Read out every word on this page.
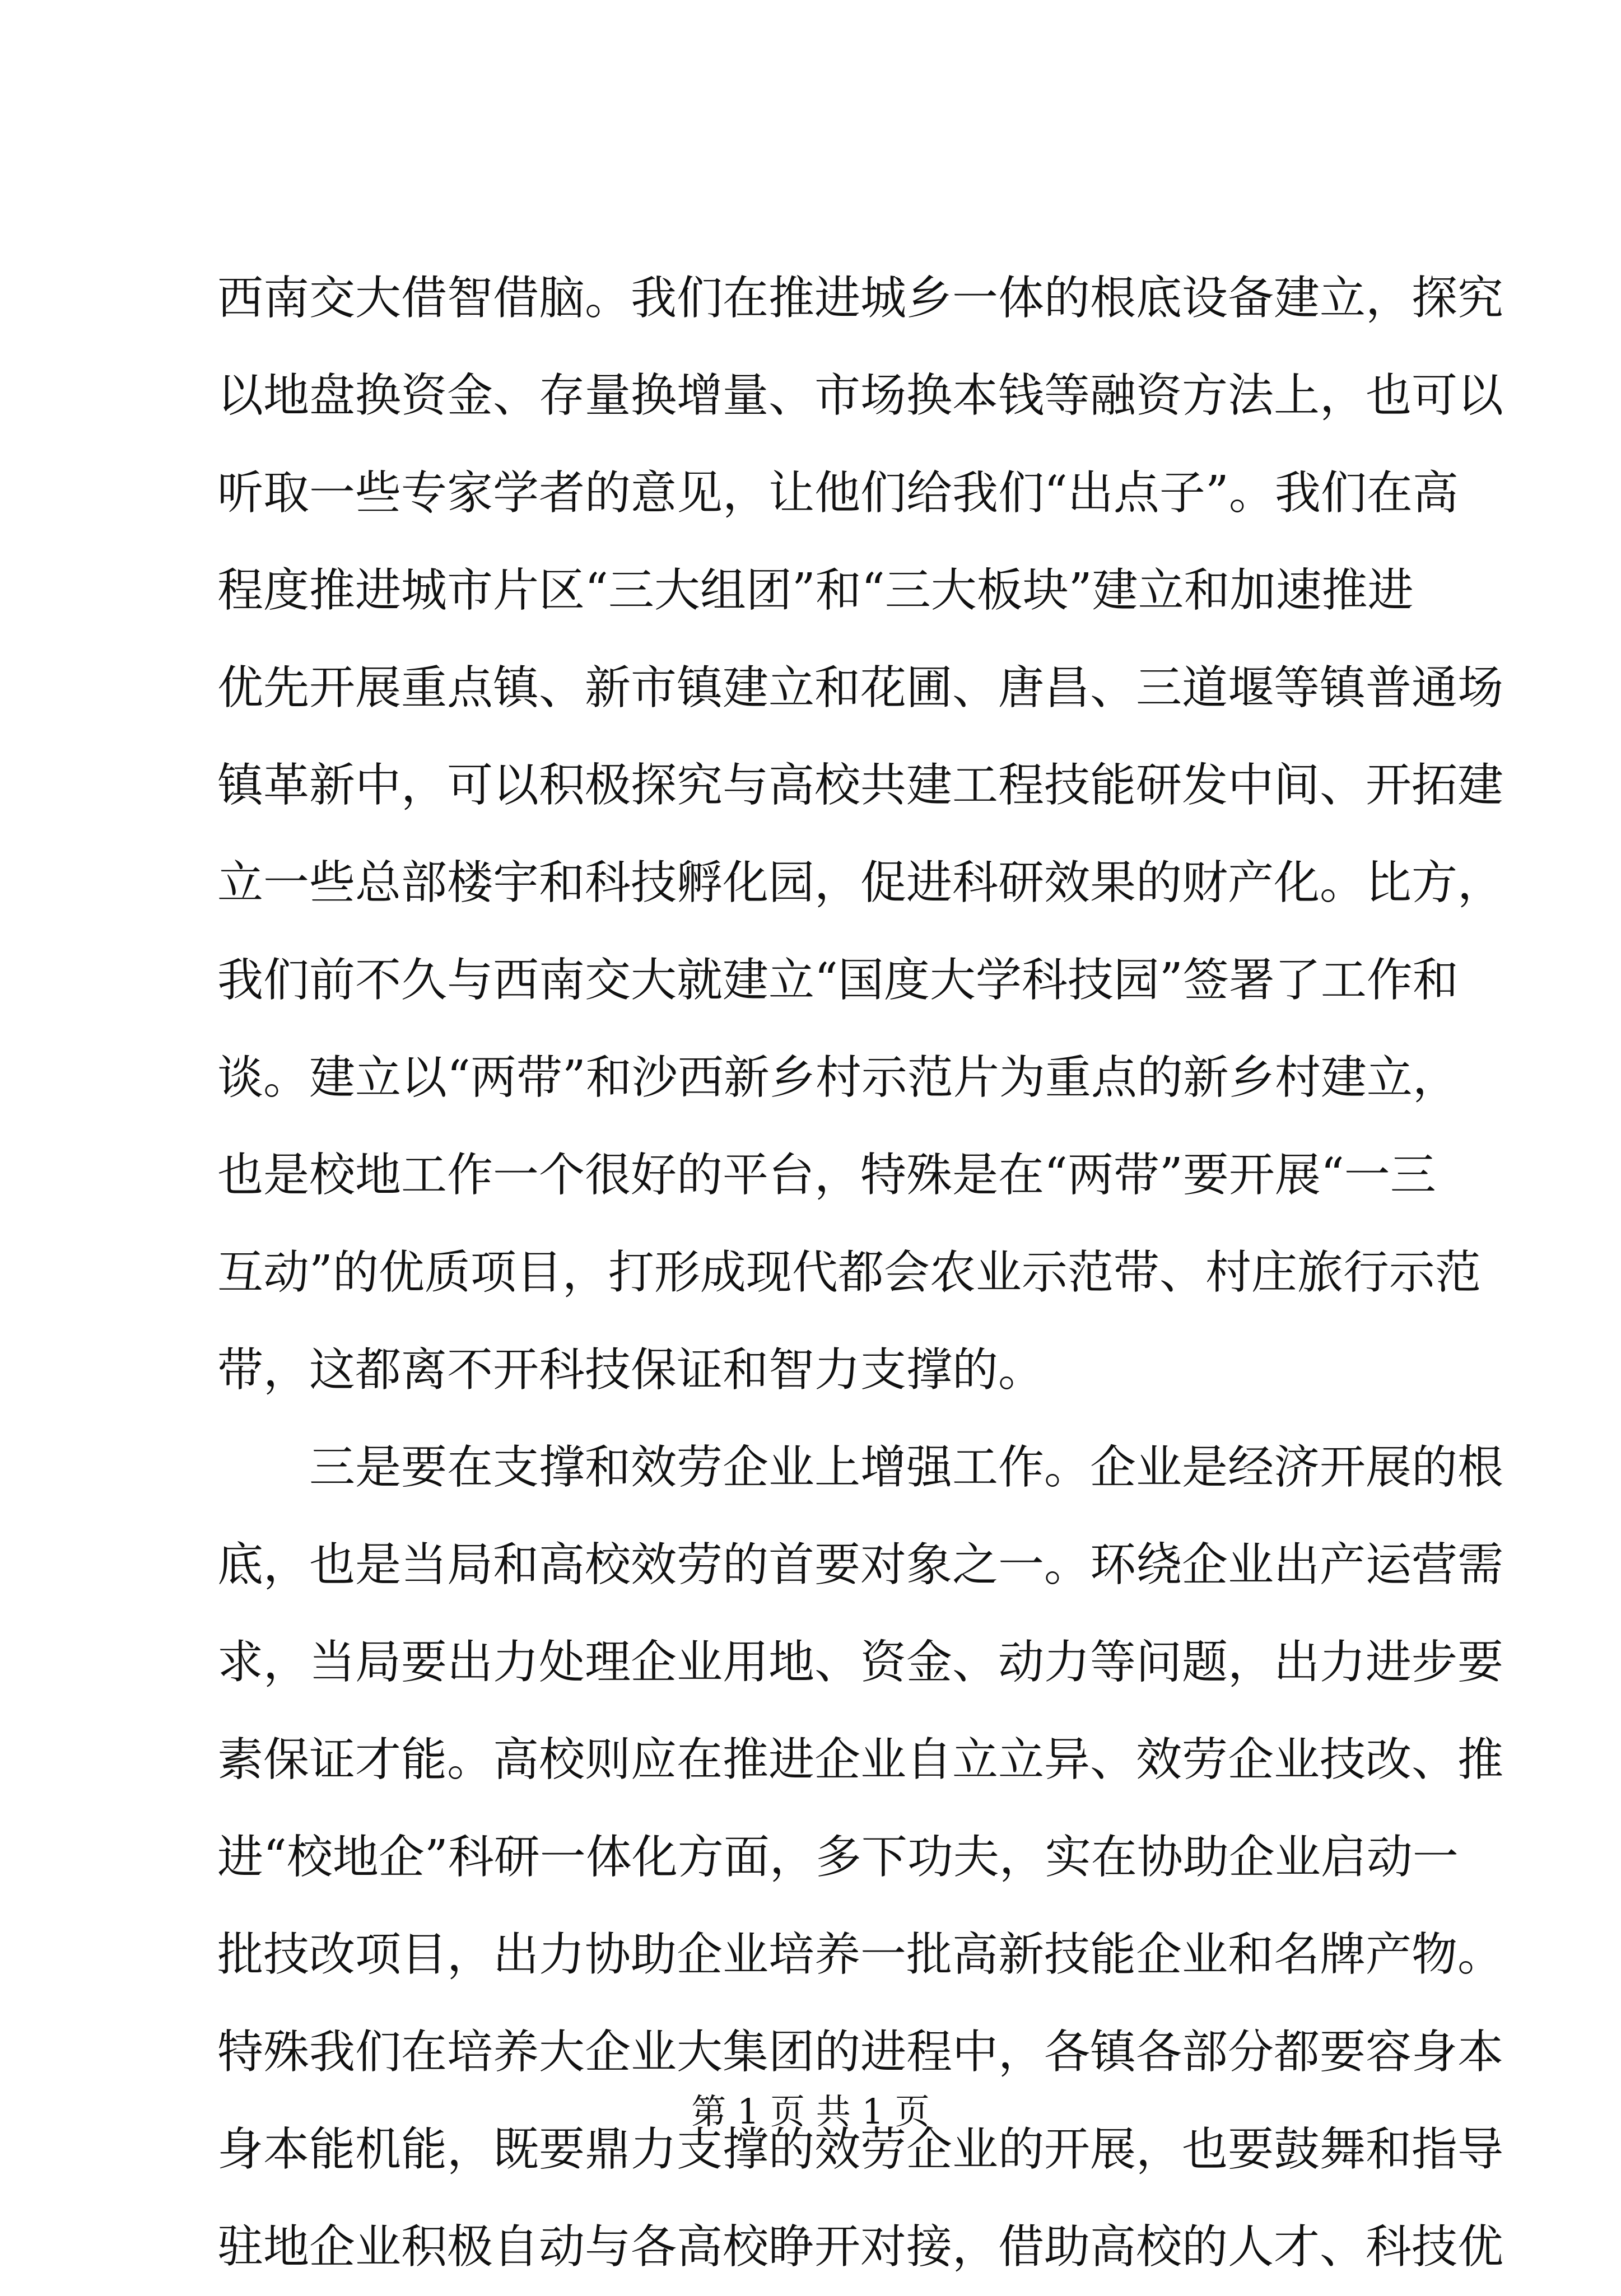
西南交大借智借脑。我们在推进城乡一体的根底设备建立，探究
以地盘换资金、存量换增量、市场换本钱等融资方法上，也可以
听取一些专家学者的意见，让他们给我们“出点子”。我们在高
程度推进城市片区“三大组团”和“三大板块”建立和加速推进
优先开展重点镇、新市镇建立和花圃、唐昌、三道堰等镇普通场
镇革新中，可以积极探究与高校共建工程技能研发中间、开拓建
立一些总部楼宇和科技孵化园，促进科研效果的财产化。比方，
我们前不久与西南交大就建立“国度大学科技园”签署了工作和
谈。建立以“两带”和沙西新乡村示范片为重点的新乡村建立，
也是校地工作一个很好的平台，特殊是在“两带”要开展“一三
互动”的优质项目，打形成现代都会农业示范带、村庄旅行示范
带，这都离不开科技保证和智力支撑的。
　　三是要在支撑和效劳企业上增强工作。企业是经济开展的根
底，也是当局和高校效劳的首要对象之一。环绕企业出产运营需
求，当局要出力处理企业用地、资金、动力等问题，出力进步要
素保证才能。高校则应在推进企业自立立异、效劳企业技改、推
进“校地企”科研一体化方面，多下功夫，实在协助企业启动一
批技改项目，出力协助企业培养一批高新技能企业和名牌产物。
特殊我们在培养大企业大集团的进程中，各镇各部分都要容身本
身本能机能，既要鼎力支撑的效劳企业的开展，也要鼓舞和指导
驻地企业积极自动与各高校睁开对接，借助高校的人才、科技优
第 1 页 共 1 页
